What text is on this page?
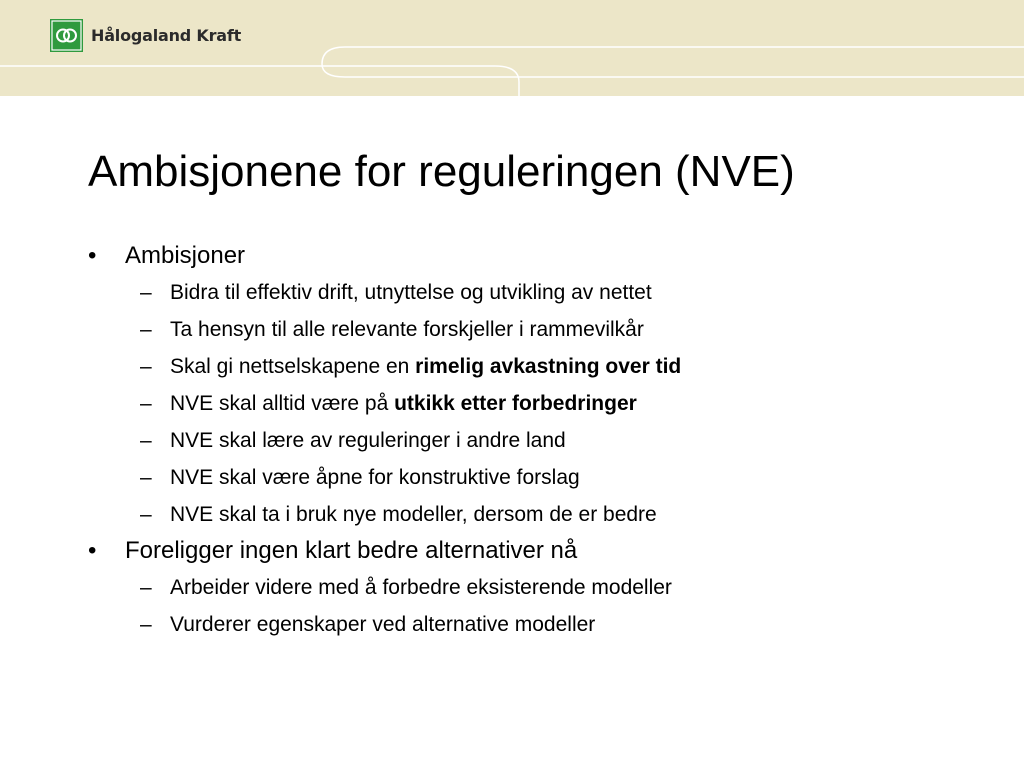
Hålogaland Kraft
Ambisjonene for reguleringen (NVE)
• Ambisjoner
– Bidra til effektiv drift, utnyttelse og utvikling av nettet
– Ta hensyn til alle relevante forskjeller i rammevilkår
– Skal gi nettselskapene en rimelig avkastning over tid
– NVE skal alltid være på utkikk etter forbedringer
– NVE skal lære av reguleringer i andre land
– NVE skal være åpne for konstruktive forslag
– NVE skal ta i bruk nye modeller, dersom de er bedre
• Foreligger ingen klart bedre alternativer nå
– Arbeider videre med å forbedre eksisterende modeller
– Vurderer egenskaper ved alternative modeller
